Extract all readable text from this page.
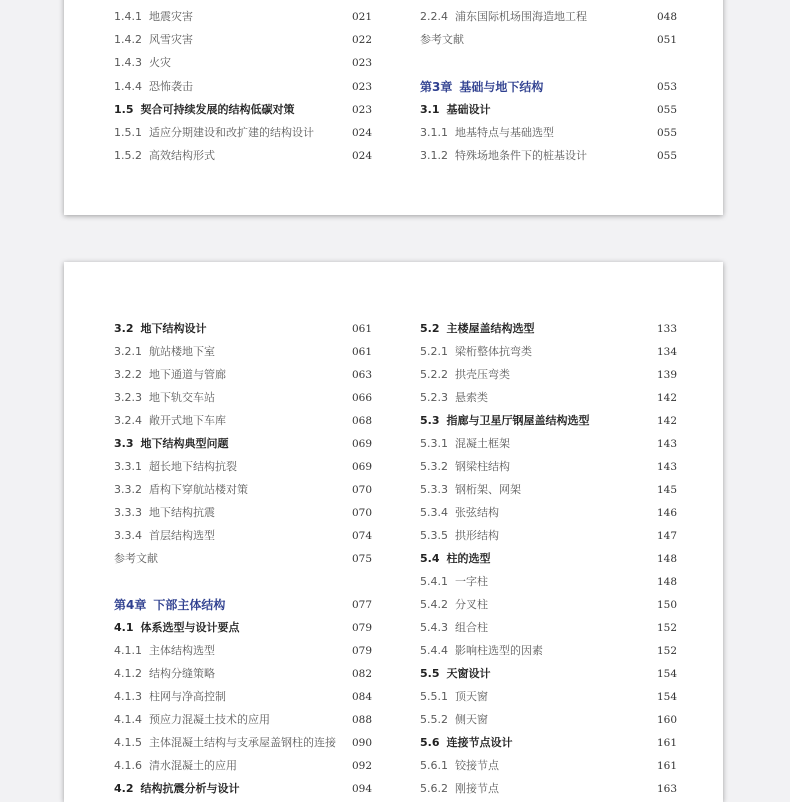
1.4.1 地震灾害	021
1.4.2 风雪灾害	022
1.4.3 火灾	023
1.4.4 恐怖袭击	023
1.5 契合可持续发展的结构低碳对策	023
1.5.1 适应分期建设和改扩建的结构设计	024
1.5.2 高效结构形式	024
2.2.4 浦东国际机场围海造地工程	048
参考文献	051
第3章 基础与地下结构	053
3.1 基础设计	055
3.1.1 地基特点与基础选型	055
3.1.2 特殊场地条件下的桩基设计	055
3.2 地下结构设计	061
3.2.1 航站楼地下室	061
3.2.2 地下通道与管廊	063
3.2.3 地下轨交车站	066
3.2.4 敞开式地下车库	068
3.3 地下结构典型问题	069
3.3.1 超长地下结构抗裂	069
3.3.2 盾构下穿航站楼对策	070
3.3.3 地下结构抗震	070
3.3.4 首层结构选型	074
参考文献	075
第4章 下部主体结构	077
4.1 体系选型与设计要点	079
4.1.1 主体结构选型	079
4.1.2 结构分缝策略	082
4.1.3 柱网与净高控制	084
4.1.4 预应力混凝土技术的应用	088
4.1.5 主体混凝土结构与支承屋盖钢柱的连接 090
4.1.6 清水混凝土的应用	092
4.2 结构抗震分析与设计	094
5.2 主楼屋盖结构选型	133
5.2.1 梁桁整体抗弯类	134
5.2.2 拱壳压弯类	139
5.2.3 悬索类	142
5.3 指廊与卫星厅钢屋盖结构选型	142
5.3.1 混凝土框架	143
5.3.2 钢梁柱结构	143
5.3.3 钢桁架、网架	145
5.3.4 张弦结构	146
5.3.5 拱形结构	147
5.4 柱的选型	148
5.4.1 一字柱	148
5.4.2 分叉柱	150
5.4.3 组合柱	152
5.4.4 影响柱选型的因素	152
5.5 天窗设计	154
5.5.1 顶天窗	154
5.5.2 侧天窗	160
5.6 连接节点设计	161
5.6.1 铰接节点	161
5.6.2 刚接节点	163
